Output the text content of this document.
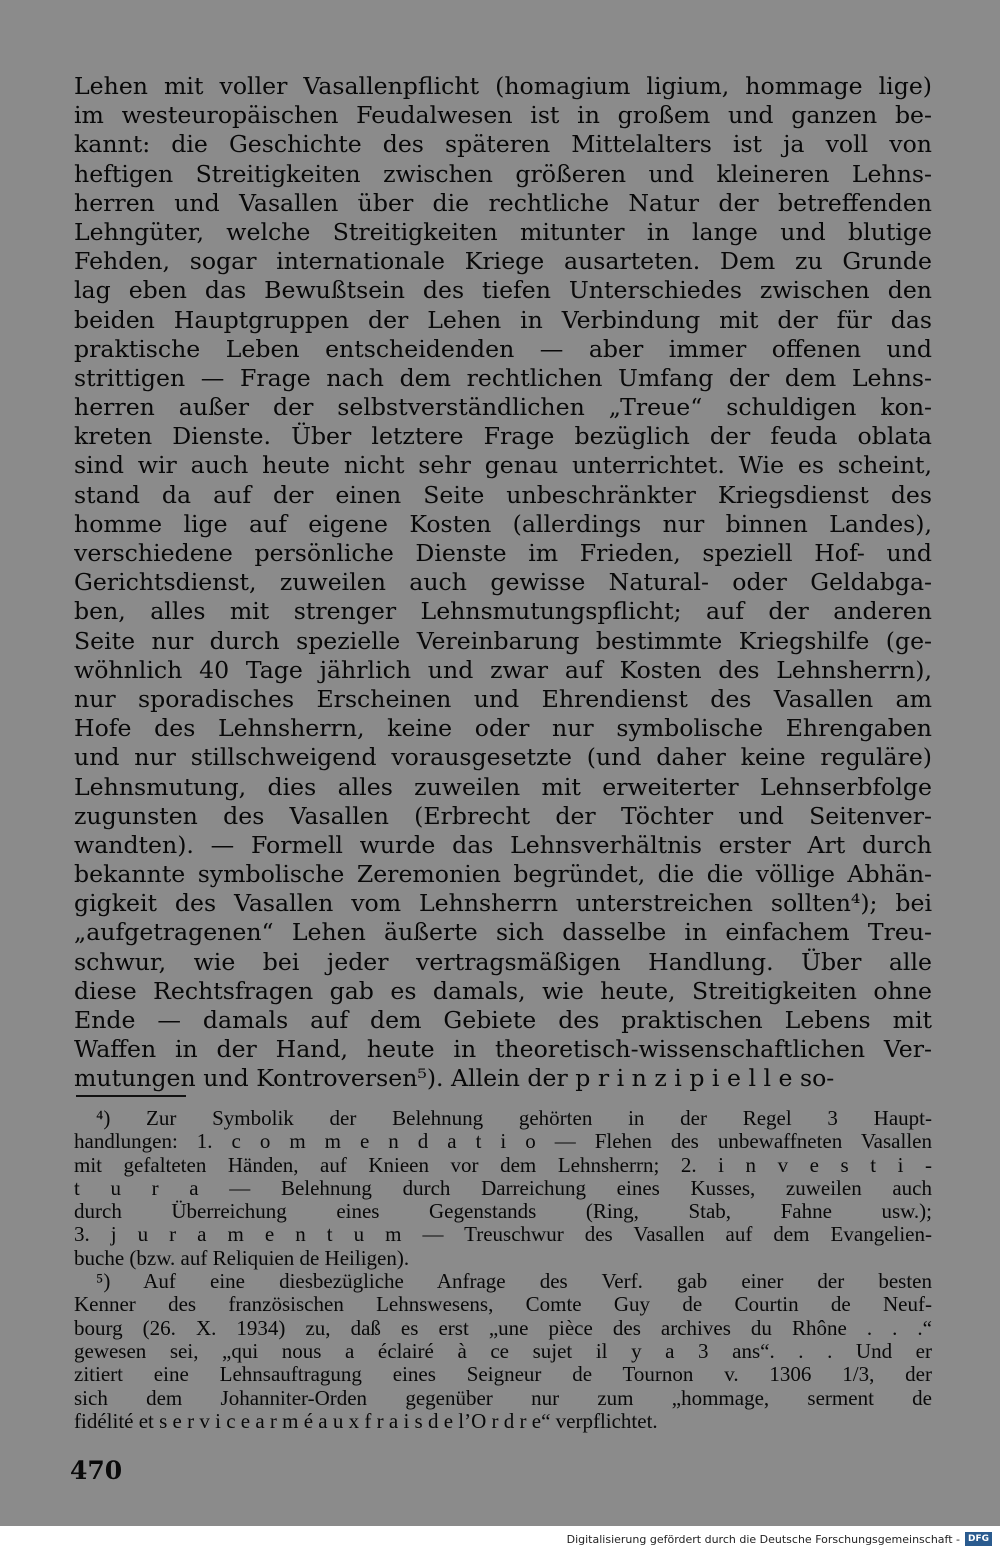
Lehen mit voller Vasallenpflicht (homagium ligium, hommage lige)
im westeuropäischen Feudalwesen ist in großem und ganzen be-
kannt: die Geschichte des späteren Mittelalters ist ja voll von
heftigen Streitigkeiten zwischen größeren und kleineren Lehns-
herren und Vasallen über die rechtliche Natur der betreffenden
Lehngüter, welche Streitigkeiten mitunter in lange und blutige
Fehden, sogar internationale Kriege ausarteten. Dem zu Grunde
lag eben das Bewußtsein des tiefen Unterschiedes zwischen den
beiden Hauptgruppen der Lehen in Verbindung mit der für das
praktische Leben entscheidenden — aber immer offenen und
strittigen — Frage nach dem rechtlichen Umfang der dem Lehns-
herren außer der selbstverständlichen „Treue“ schuldigen kon-
kreten Dienste. Über letztere Frage bezüglich der feuda oblata
sind wir auch heute nicht sehr genau unterrichtet. Wie es scheint,
stand da auf der einen Seite unbeschränkter Kriegsdienst des
homme lige auf eigene Kosten (allerdings nur binnen Landes),
verschiedene persönliche Dienste im Frieden, speziell Hof- und
Gerichtsdienst, zuweilen auch gewisse Natural- oder Geldabga-
ben, alles mit strenger Lehnsmutungspflicht; auf der anderen
Seite nur durch spezielle Vereinbarung bestimmte Kriegshilfe (ge-
wöhnlich 40 Tage jährlich und zwar auf Kosten des Lehnsherrn),
nur sporadisches Erscheinen und Ehrendienst des Vasallen am
Hofe des Lehnsherrn, keine oder nur symbolische Ehrengaben
und nur stillschweigend vorausgesetzte (und daher keine reguläre)
Lehnsmutung, dies alles zuweilen mit erweiterter Lehnserbfolge
zugunsten des Vasallen (Erbrecht der Töchter und Seitenver-
wandten). — Formell wurde das Lehnsverhältnis erster Art durch
bekannte symbolische Zeremonien begründet, die die völlige Abhän-
gigkeit des Vasallen vom Lehnsherrn unterstreichen sollten⁴); bei
„aufgetragenen“ Lehen äußerte sich dasselbe in einfachem Treu-
schwur, wie bei jeder vertragsmäßigen Handlung. Über alle
diese Rechtsfragen gab es damals, wie heute, Streitigkeiten ohne
Ende — damals auf dem Gebiete des praktischen Lebens mit
Waffen in der Hand, heute in theoretisch-wissenschaftlichen Ver-
mutungen und Kontroversen⁵). Allein der p r i n z i p i e l l e so-
⁴) Zur Symbolik der Belehnung gehörten in der Regel 3 Haupt-
handlungen: 1. c o m m e n d a t i o — Flehen des unbewaffneten Vasallen
mit gefalteten Händen, auf Knieen vor dem Lehnsherrn; 2. i n v e s t i -
t u r a — Belehnung durch Darreichung eines Kusses, zuweilen auch
durch Überreichung eines Gegenstands (Ring, Stab, Fahne usw.);
3. j u r a m e n t u m — Treuschwur des Vasallen auf dem Evangelien-
buche (bzw. auf Reliquien de Heiligen).
⁵) Auf eine diesbezügliche Anfrage des Verf. gab einer der besten
Kenner des französischen Lehnswesens, Comte Guy de Courtin de Neuf-
bourg (26. X. 1934) zu, daß es erst „une pièce des archives du Rhône . . .“
gewesen sei, „qui nous a éclairé à ce sujet il y a 3 ans“. . . Und er
zitiert eine Lehnsauftragung eines Seigneur de Tournon v. 1306 1/3, der
sich dem Johanniter-Orden gegenüber nur zum „hommage, serment de
fidélité et s e r v i c e a r m é a u x f r a i s d e l’O r d r e“ verpflichtet.
470
Digitalisierung gefördert durch die Deutsche Forschungsgemeinschaft - DFG
